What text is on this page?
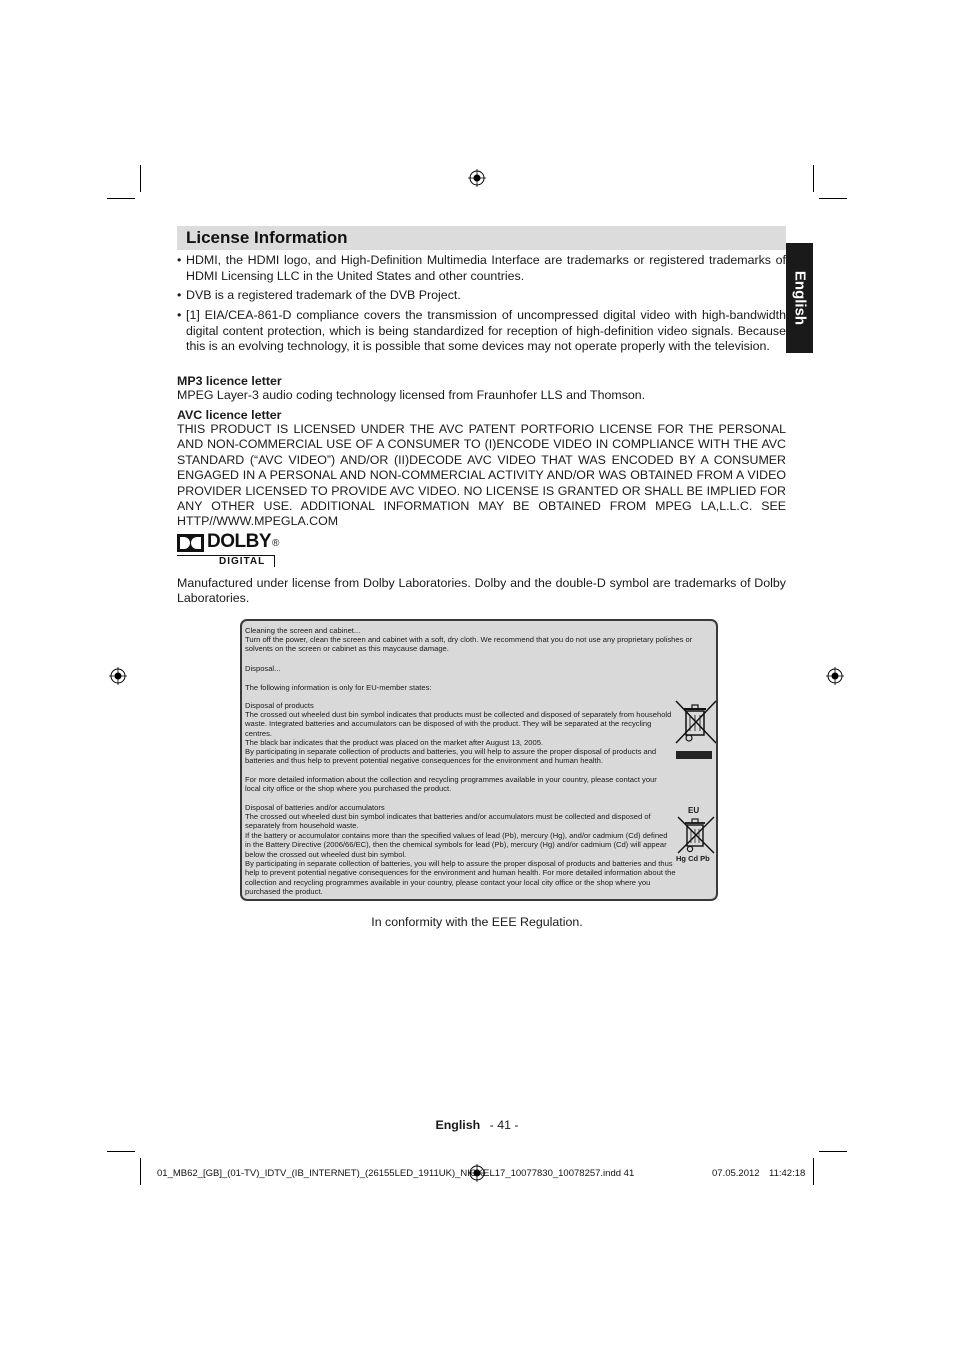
License Information
English
• HDMI, the HDMI logo, and High-Definition Multimedia Interface are trademarks or registered trademarks of HDMI Licensing LLC in the United States and other countries.
• DVB is a registered trademark of the DVB Project.
• [1] EIA/CEA-861-D compliance covers the transmission of uncompressed digital video with high-bandwidth digital content protection, which is being standardized for reception of high-definition video signals. Because this is an evolving technology, it is possible that some devices may not operate properly with the television.
MP3 licence letter
MPEG Layer-3 audio coding technology licensed from Fraunhofer LLS and Thomson.
AVC licence letter
THIS PRODUCT IS LICENSED UNDER THE AVC PATENT PORTFORIO LICENSE FOR THE PERSONAL AND NON-COMMERCIAL USE OF A CONSUMER TO (I)ENCODE VIDEO IN COMPLIANCE WITH THE AVC STANDARD (“AVC VIDEO”) AND/OR (II)DECODE AVC VIDEO THAT WAS ENCODED BY A CONSUMER ENGAGED IN A PERSONAL AND NON-COMMERCIAL ACTIVITY AND/OR WAS OBTAINED FROM A VIDEO PROVIDER LICENSED TO PROVIDE AVC VIDEO. NO LICENSE IS GRANTED OR SHALL BE IMPLIED FOR ANY OTHER USE. ADDITIONAL INFORMATION MAY BE OBTAINED FROM MPEG LA,L.L.C. SEE HTTP//WWW.MPEGLA.COM
DOLBY ®
DIGITAL
Manufactured under license from Dolby Laboratories. Dolby and the double-D symbol are trademarks of Dolby Laboratories.

Cleaning the screen and cabinet...

Turn off the power, clean the screen and cabinet with a soft, dry cloth. We recommend that you do not use any proprietary polishes or solvents on the screen or cabinet as this maycause damage.

Disposal...

The following information is only for EU-member states:

Disposal of products

The crossed out wheeled dust bin symbol indicates that products must be collected and disposed of separately from household waste. Integrated batteries and accumulators can be disposed of with the product. They will be separated at the recycling centres.

The black bar indicates that the product was placed on the market after August 13, 2005.

By participating in separate collection of products and batteries, you will help to assure the proper disposal of products and batteries and thus help to prevent potential negative consequences for the environment and human health.

For more detailed information about the collection and recycling programmes available in your country, please contact your local city office or the shop where you purchased the product.

Disposal of batteries and/or accumulators

The crossed out wheeled dust bin symbol indicates that batteries and/or accumulators must be collected and disposed of separately from household waste.

If the battery or accumulator contains more than the specified values of lead (Pb), mercury (Hg), and/or cadmium (Cd) defined in the Battery Directive (2006/66/EC), then the chemical symbols for lead (Pb), mercury (Hg) and/or cadmium (Cd) will appear below the crossed out wheeled dust bin symbol.

By participating in separate collection of batteries, you will help to assure the proper disposal of products and batteries and thus help to prevent potential negative consequences for the environment and human health. For more detailed information about the collection and recycling programmes available in your country, please contact your local city office or the shop where you purchased the product.

EU
Hg Cd Pb
In conformity with the EEE Regulation.
English - 41 -
01_MB62_[GB]_(01-TV)_IDTV_(IB_INTERNET)_(26155LED_1911UK)_NICKEL17_10077830_10078257.indd 41	07.05.2012 11:42:18
